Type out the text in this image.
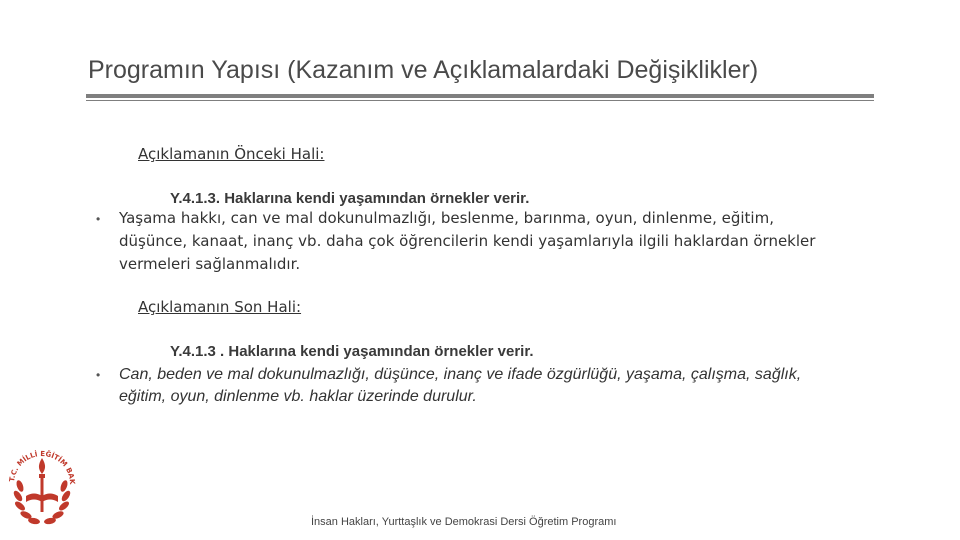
Programın Yapısı (Kazanım ve Açıklamalardaki Değişiklikler)
Açıklamanın Önceki Hali:
Y.4.1.3. Haklarına kendi yaşamından örnekler verir.
• Yaşama hakkı, can ve mal dokunulmazlığı, beslenme, barınma, oyun, dinlenme, eğitim, düşünce, kanaat, inanç vb. daha çok öğrencilerin kendi yaşamlarıyla ilgili haklardan örnekler vermeleri sağlanmalıdır.
Açıklamanın Son Hali:
Y.4.1.3 . Haklarına kendi yaşamından örnekler verir.
• Can, beden ve mal dokunulmazlığı, düşünce, inanç ve ifade özgürlüğü, yaşama, çalışma, sağlık, eğitim, oyun, dinlenme vb. haklar üzerinde durulur.
T.C. MİLLİ EĞİTİM BAK
İnsan Hakları, Yurttaşlık ve Demokrasi Dersi Öğretim Programı
